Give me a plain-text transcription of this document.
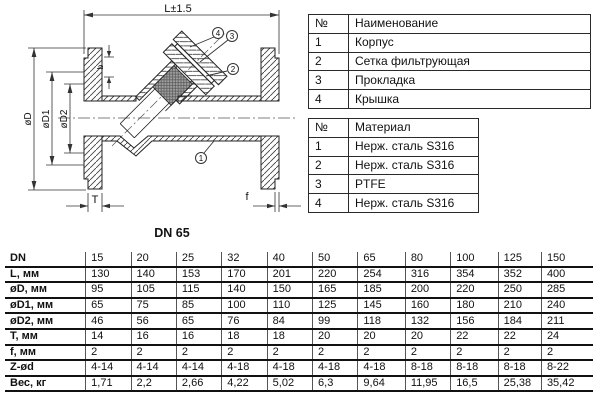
L±1.5
øD øD1 øD2
b
T	f
1
2
3
4
DN 65
№	Наименование
1	Корпус
2	Сетка фильтрующая
3	Прокладка
4	Крышка
№	Материал
1	Нерж. сталь S316
2	Нерж. сталь S316
3	PTFE
4	Нерж. сталь S316
DN	15	20	25	32	40	50	65	80	100	125	150
L, мм	130	140	153	170	201	220	254	316	354	352	400
øD, мм	95	105	115	140	150	165	185	200	220	250	285
øD1, мм	65	75	85	100	110	125	145	160	180	210	240
øD2, мм	46	56	65	76	84	99	118	132	156	184	211
T, мм	14	16	16	18	18	20	20	20	22	22	24
f, мм	2	2	2	2	2	2	2	2	2	2	2
Z-ød	4-14	4-14	4-14	4-18	4-18	4-18	4-18	8-18	8-18	8-18	8-22
Вес, кг	1,71	2,2	2,66	4,22	5,02	6,3	9,64	11,95	16,5	25,38	35,42
